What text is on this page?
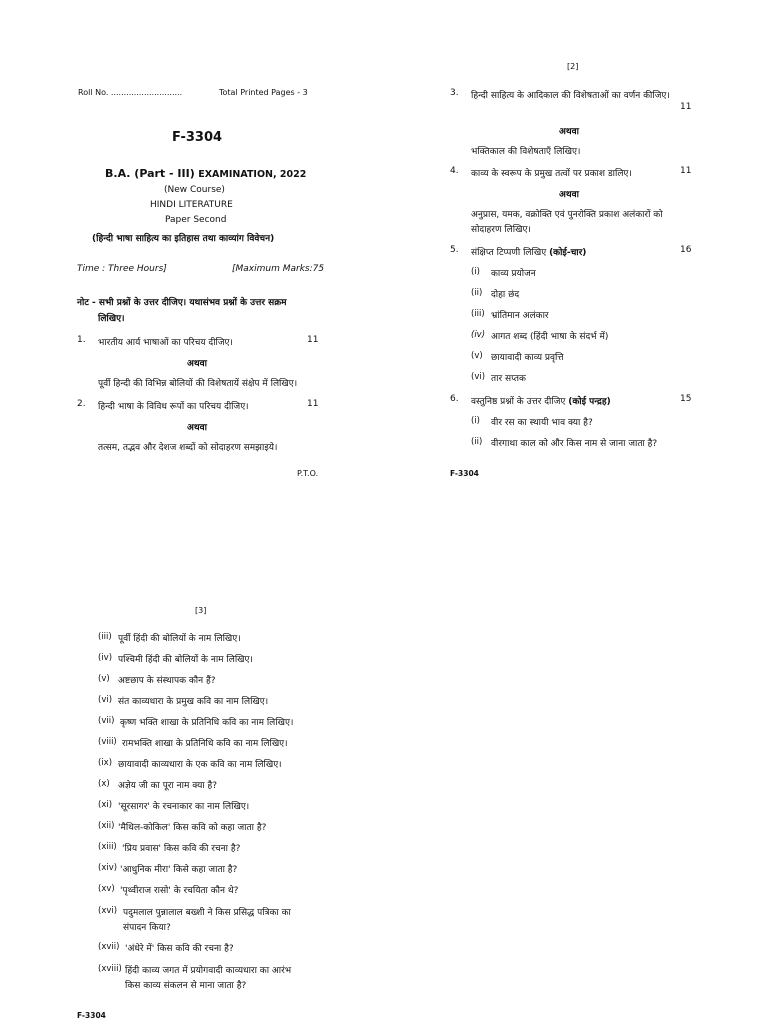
Roll No. ............................	Total Printed Pages - 3
F-3304
B.A. (Part - III) EXAMINATION, 2022
(New Course)
HINDI LITERATURE
Paper Second
(हिन्दी भाषा साहित्य का इतिहास तथा काव्यांग विवेचन)
Time : Three Hours]	[Maximum Marks:75
नोट - सभी प्रश्नों के उत्तर दीजिए। यथासंभव प्रश्नों के उत्तर सक्रम
लिखिए।
1. भारतीय आर्य भाषाओं का परिचय दीजिए।	11
अथवा
पूर्वी हिन्दी की विभिन्न बोलियों की विशेषतायें संक्षेप में लिखिए।
2. हिन्दी भाषा के विविध रूपों का परिचय दीजिए।	11
अथवा
तत्सम, तद्भव और देशज शब्दों को सोदाहरण समझाइये।
P.T.O.
[2]
3. हिन्दी साहित्य के आदिकाल की विशेषताओं का वर्णन कीजिए।
11
अथवा
भक्तिकाल की विशेषताएँ लिखिए।
4. काव्य के स्वरूप के प्रमुख तत्वों पर प्रकाश डालिए।	11
अथवा
अनुप्रास, यमक, वक्रोक्ति एवं पुनरोक्ति प्रकाश अलंकारों को
सोदाहरण लिखिए।
5. संक्षिप्त टिप्पणी लिखिए (कोई-चार)	16
(i) काव्य प्रयोजन
(ii) दोहा छंद
(iii) भ्रांतिमान अलंकार
(iv) आगत शब्द (हिंदी भाषा के संदर्भ में)
(v) छायावादी काव्य प्रवृत्ति
(vi) तार सप्तक
6. वस्तुनिष्ठ प्रश्नों के उत्तर दीजिए (कोई पन्द्रह)	15
(i) वीर रस का स्थायी भाव क्या है?
(ii) वीरगाथा काल को और किस नाम से जाना जाता है?
F-3304
[3]
(iii) पूर्वी हिंदी की बोलियों के नाम लिखिए।
(iv) पश्चिमी हिंदी की बोलियों के नाम लिखिए।
(v) अष्टछाप के संस्थापक कौन हैं?
(vi) संत काव्यधारा के प्रमुख कवि का नाम लिखिए।
(vii) कृष्ण भक्ति शाखा के प्रतिनिधि कवि का नाम लिखिए।
(viii) रामभक्ति शाखा के प्रतिनिधि कवि का नाम लिखिए।
(ix) छायावादी काव्यधारा के एक कवि का नाम लिखिए।
(x) अज्ञेय जी का पूरा नाम क्या है?
(xi) 'सूरसागर' के रचनाकार का नाम लिखिए।
(xii) 'मैथिल-कोकिल' किस कवि को कहा जाता है?
(xiii) 'प्रिय प्रवास' किस कवि की रचना है?
(xiv) 'आधुनिक मीरा' किसे कहा जाता है?
(xv) 'पृथ्वीराज रासो' के रचयिता कौन थे?
(xvi) पदुमलाल पुन्नालाल बख्शी ने किस प्रसिद्ध पत्रिका का
संपादन किया?
(xvii) 'अंधेरे में' किस कवि की रचना है?
(xviii) हिंदी काव्य जगत में प्रयोगवादी काव्यधारा का आरंभ
किस काव्य संकलन से माना जाता है?
F-3304
